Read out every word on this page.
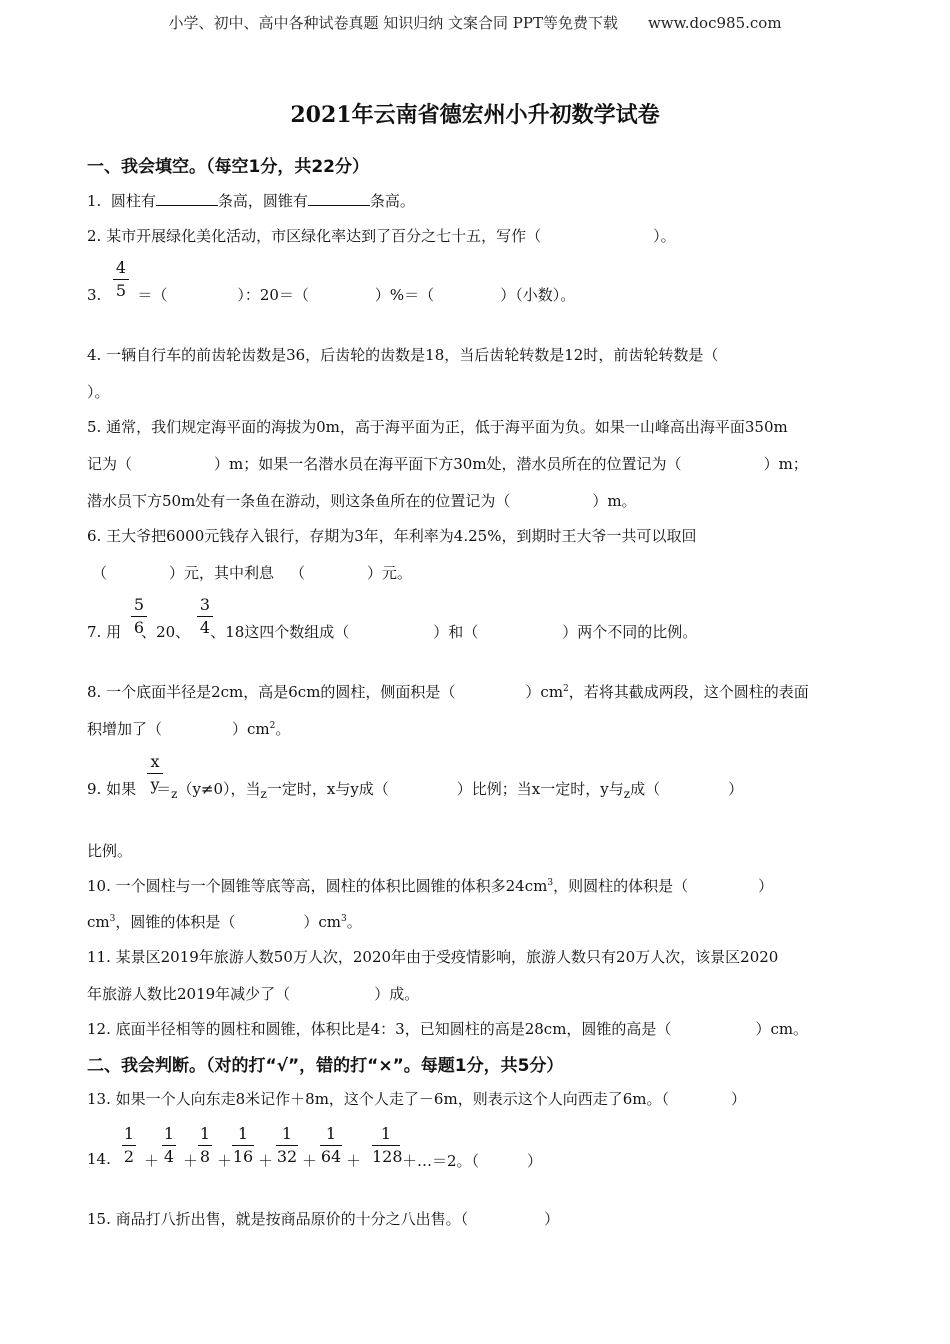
小学、初中、高中各种试卷真题 知识归纳 文案合同 PPT等免费下载 www.doc985.com
2021年云南省德宏州小升初数学试卷
一、我会填空。（每空1分，共22分）
1. 圆柱有	条高，圆锥有	条高。
2. 某市开展绿化美化活动，市区绿化率达到了百分之七十五，写作（	）。
4
5
3. ＝（	）：20＝（	）%＝（	）（小数）。
4. 一辆自行车的前齿轮齿数是36，后齿轮的齿数是18，当后齿轮转数是12时，前齿轮转数是（
）。
5. 通常，我们规定海平面的海拔为0m，高于海平面为正，低于海平面为负。如果一山峰高出海平面350m
记为（	）m；如果一名潜水员在海平面下方30m处，潜水员所在的位置记为（	）m；
潜水员下方50m处有一条鱼在游动，则这条鱼所在的位置记为（	）m。
6. 王大爷把6000元钱存入银行，存期为3年，年利率为4.25%，到期时王大爷一共可以取回
（	）元，其中利息 （	）元。
5
6
3
4
7. 用 、20、 、18这四个数组成（	）和（	）两个不同的比例。
8. 一个底面半径是2cm，高是6cm的圆柱，侧面积是（	）$cm^2$，若将其截成两段，这个圆柱的表面
积增加了（	）$cm^2$。
x
y
9. 如果 $=_z(y\ne 0)$，当$_z$一定时，x与y成（	）比例；当x一定时，y与$_z$成（	）
比例。
10. 一个圆柱与一个圆锥等底等高，圆柱的体积比圆锥的体积多$24cm^3$，则圆柱的体积是（	）
$cm^3$，圆锥的体积是（	）$cm^3$。
11. 某景区2019年旅游人数50万人次，2020年由于受疫情影响，旅游人数只有20万人次，该景区2020
年旅游人数比2019年减少了（	）成。
12. 底面半径相等的圆柱和圆锥，体积比是4：3，已知圆柱的高是28cm，圆锥的高是（	）cm。
二、我会判断。（对的打“√”，错的打“×”。每题1分，共5分）
13. 如果一个人向东走8米记作＋8m，这个人走了－6m，则表示这个人向西走了6m。（	）
14.
1
2 ＋
1
4 ＋
1
8 ＋
1
16 ＋
1
32 ＋
1
64 ＋
1
128 ＋…＝2。（	）
15. 商品打八折出售，就是按商品原价的十分之八出售。（	）
